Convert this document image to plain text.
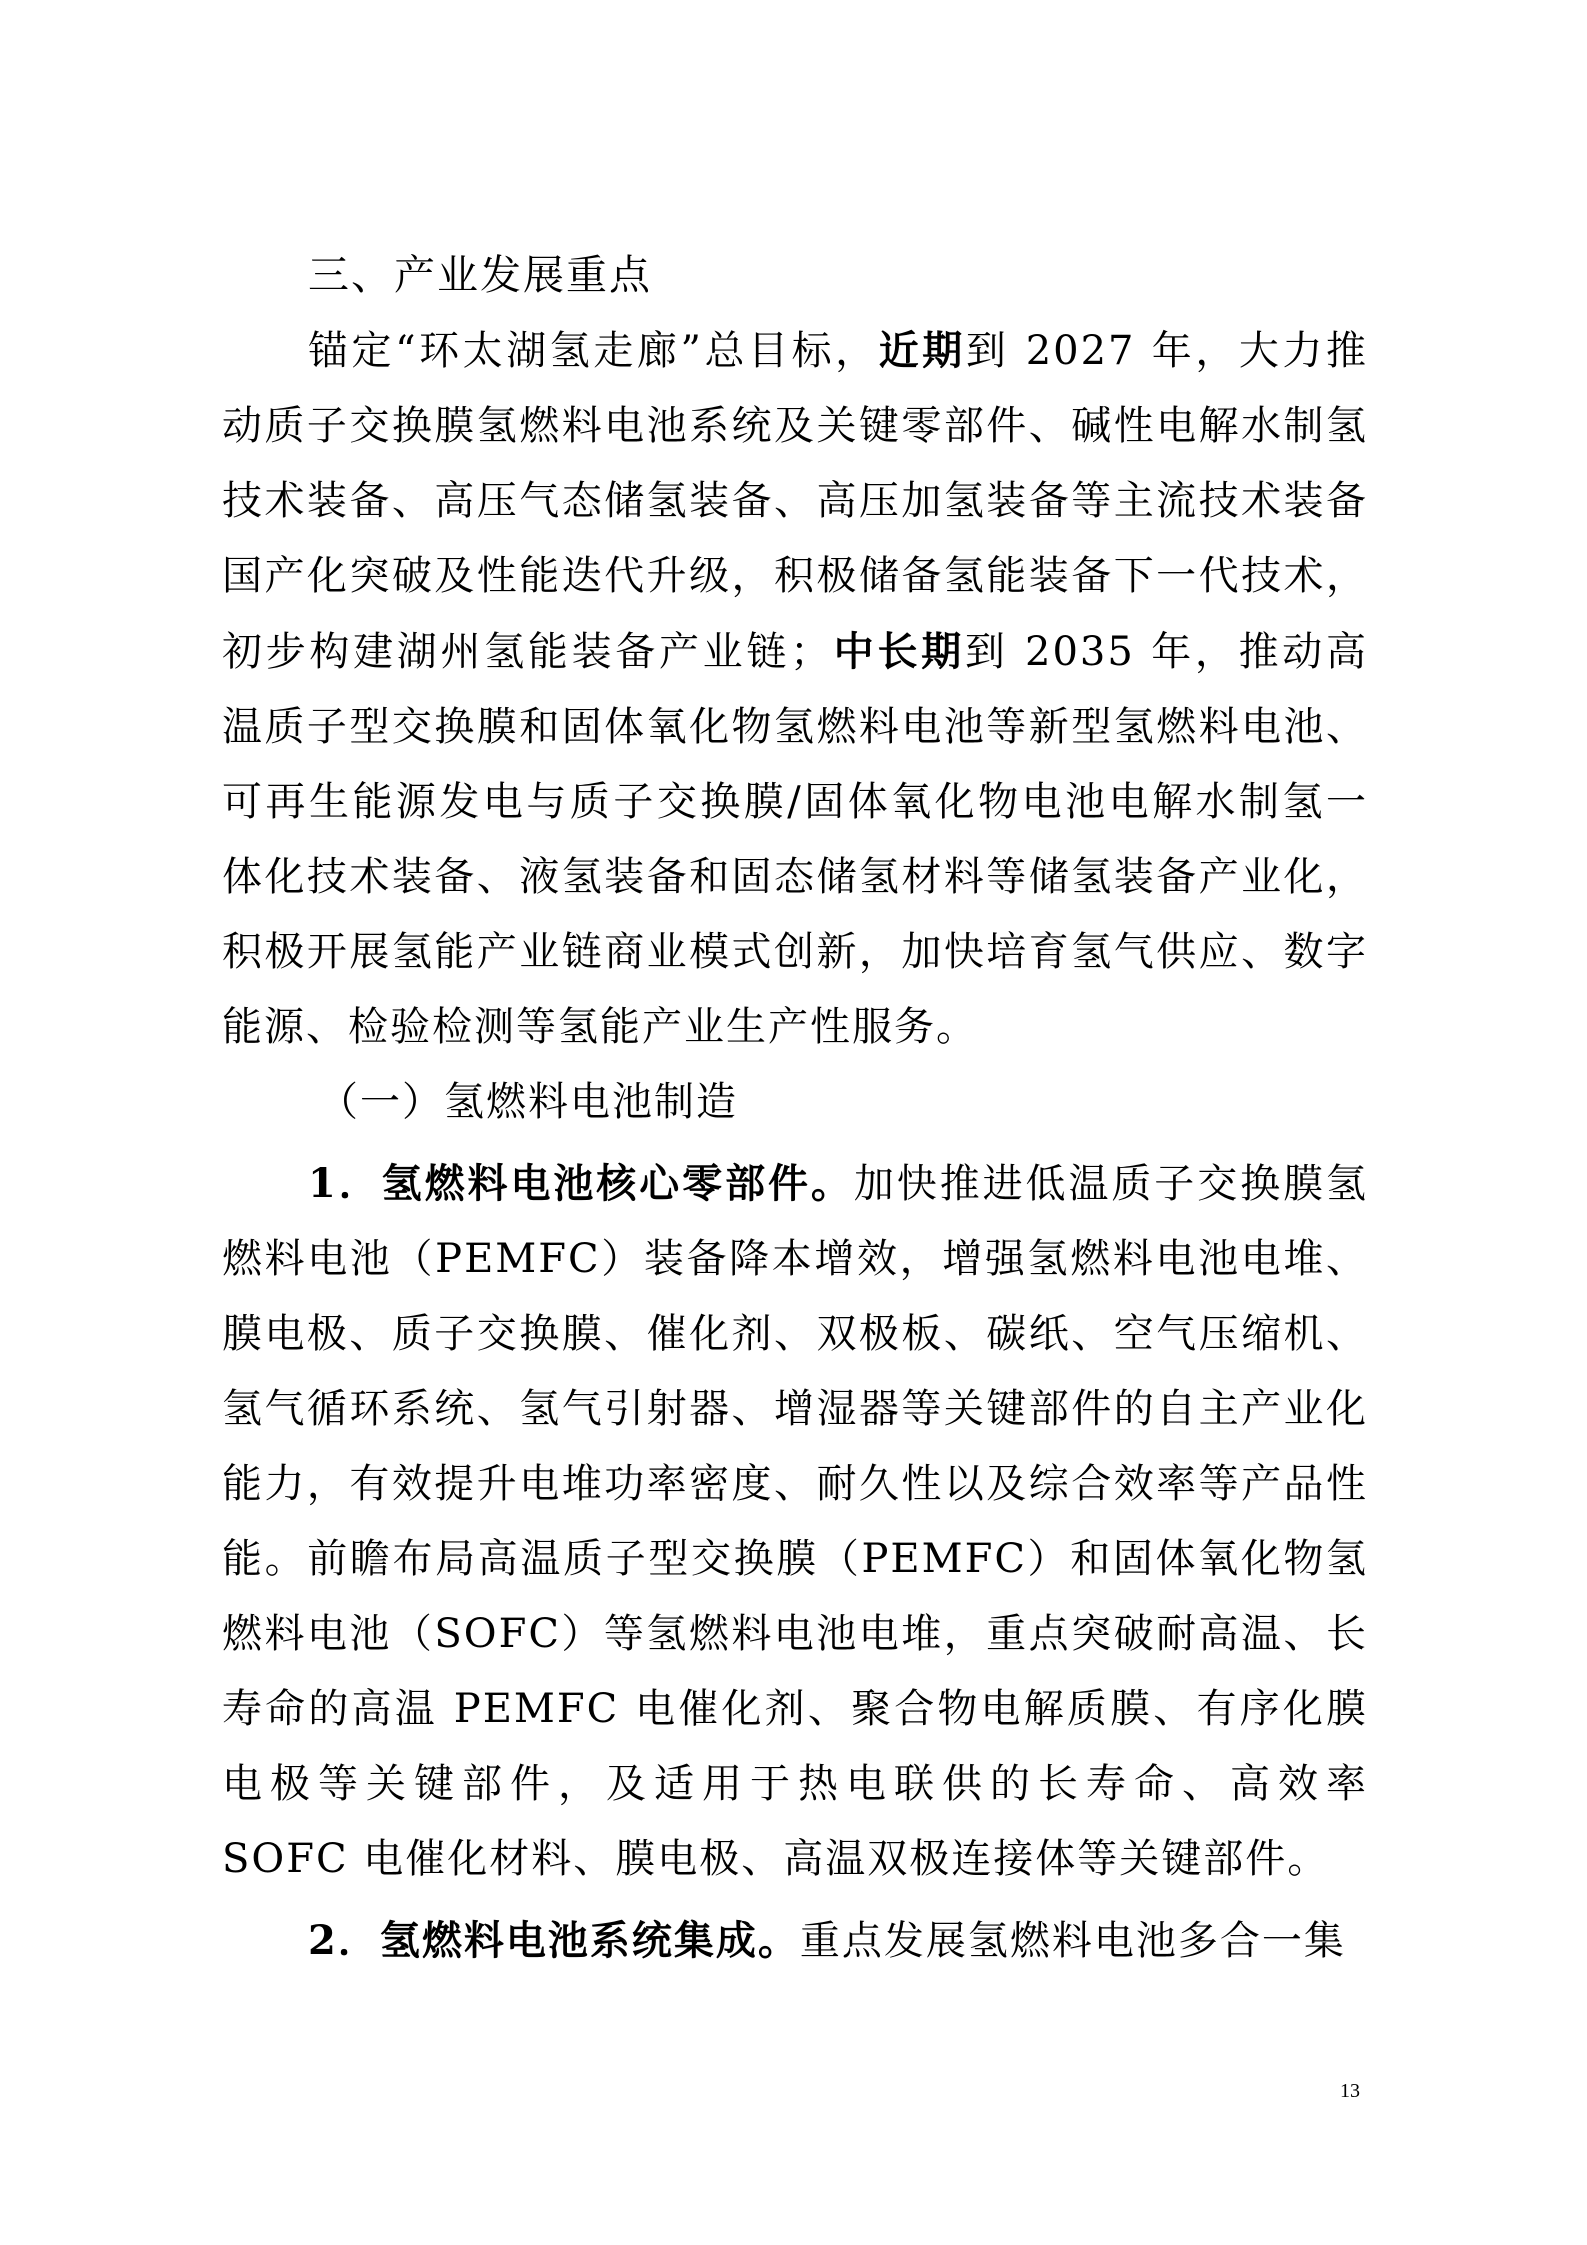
三、产业发展重点

锚定“环太湖氢走廊”总目标，近期到 2027 年，大力推动质子交换膜氢燃料电池系统及关键零部件、碱性电解水制氢技术装备、高压气态储氢装备、高压加氢装备等主流技术装备国产化突破及性能迭代升级，积极储备氢能装备下一代技术，初步构建湖州氢能装备产业链；中长期到 2035 年，推动高温质子型交换膜和固体氧化物氢燃料电池等新型氢燃料电池、可再生能源发电与质子交换膜/固体氧化物电池电解水制氢一体化技术装备、液氢装备和固态储氢材料等储氢装备产业化，积极开展氢能产业链商业模式创新，加快培育氢气供应、数字能源、检验检测等氢能产业生产性服务。

（一）氢燃料电池制造

1．氢燃料电池核心零部件。加快推进低温质子交换膜氢燃料电池（PEMFC）装备降本增效，增强氢燃料电池电堆、膜电极、质子交换膜、催化剂、双极板、碳纸、空气压缩机、氢气循环系统、氢气引射器、增湿器等关键部件的自主产业化能力，有效提升电堆功率密度、耐久性以及综合效率等产品性能。前瞻布局高温质子型交换膜（PEMFC）和固体氧化物氢燃料电池（SOFC）等氢燃料电池电堆，重点突破耐高温、长寿命的高温 PEMFC 电催化剂、聚合物电解质膜、有序化膜电极等关键部件，及适用于热电联供的长寿命、高效率 SOFC 电催化材料、膜电极、高温双极连接体等关键部件。

2．氢燃料电池系统集成。重点发展氢燃料电池多合一集

13
